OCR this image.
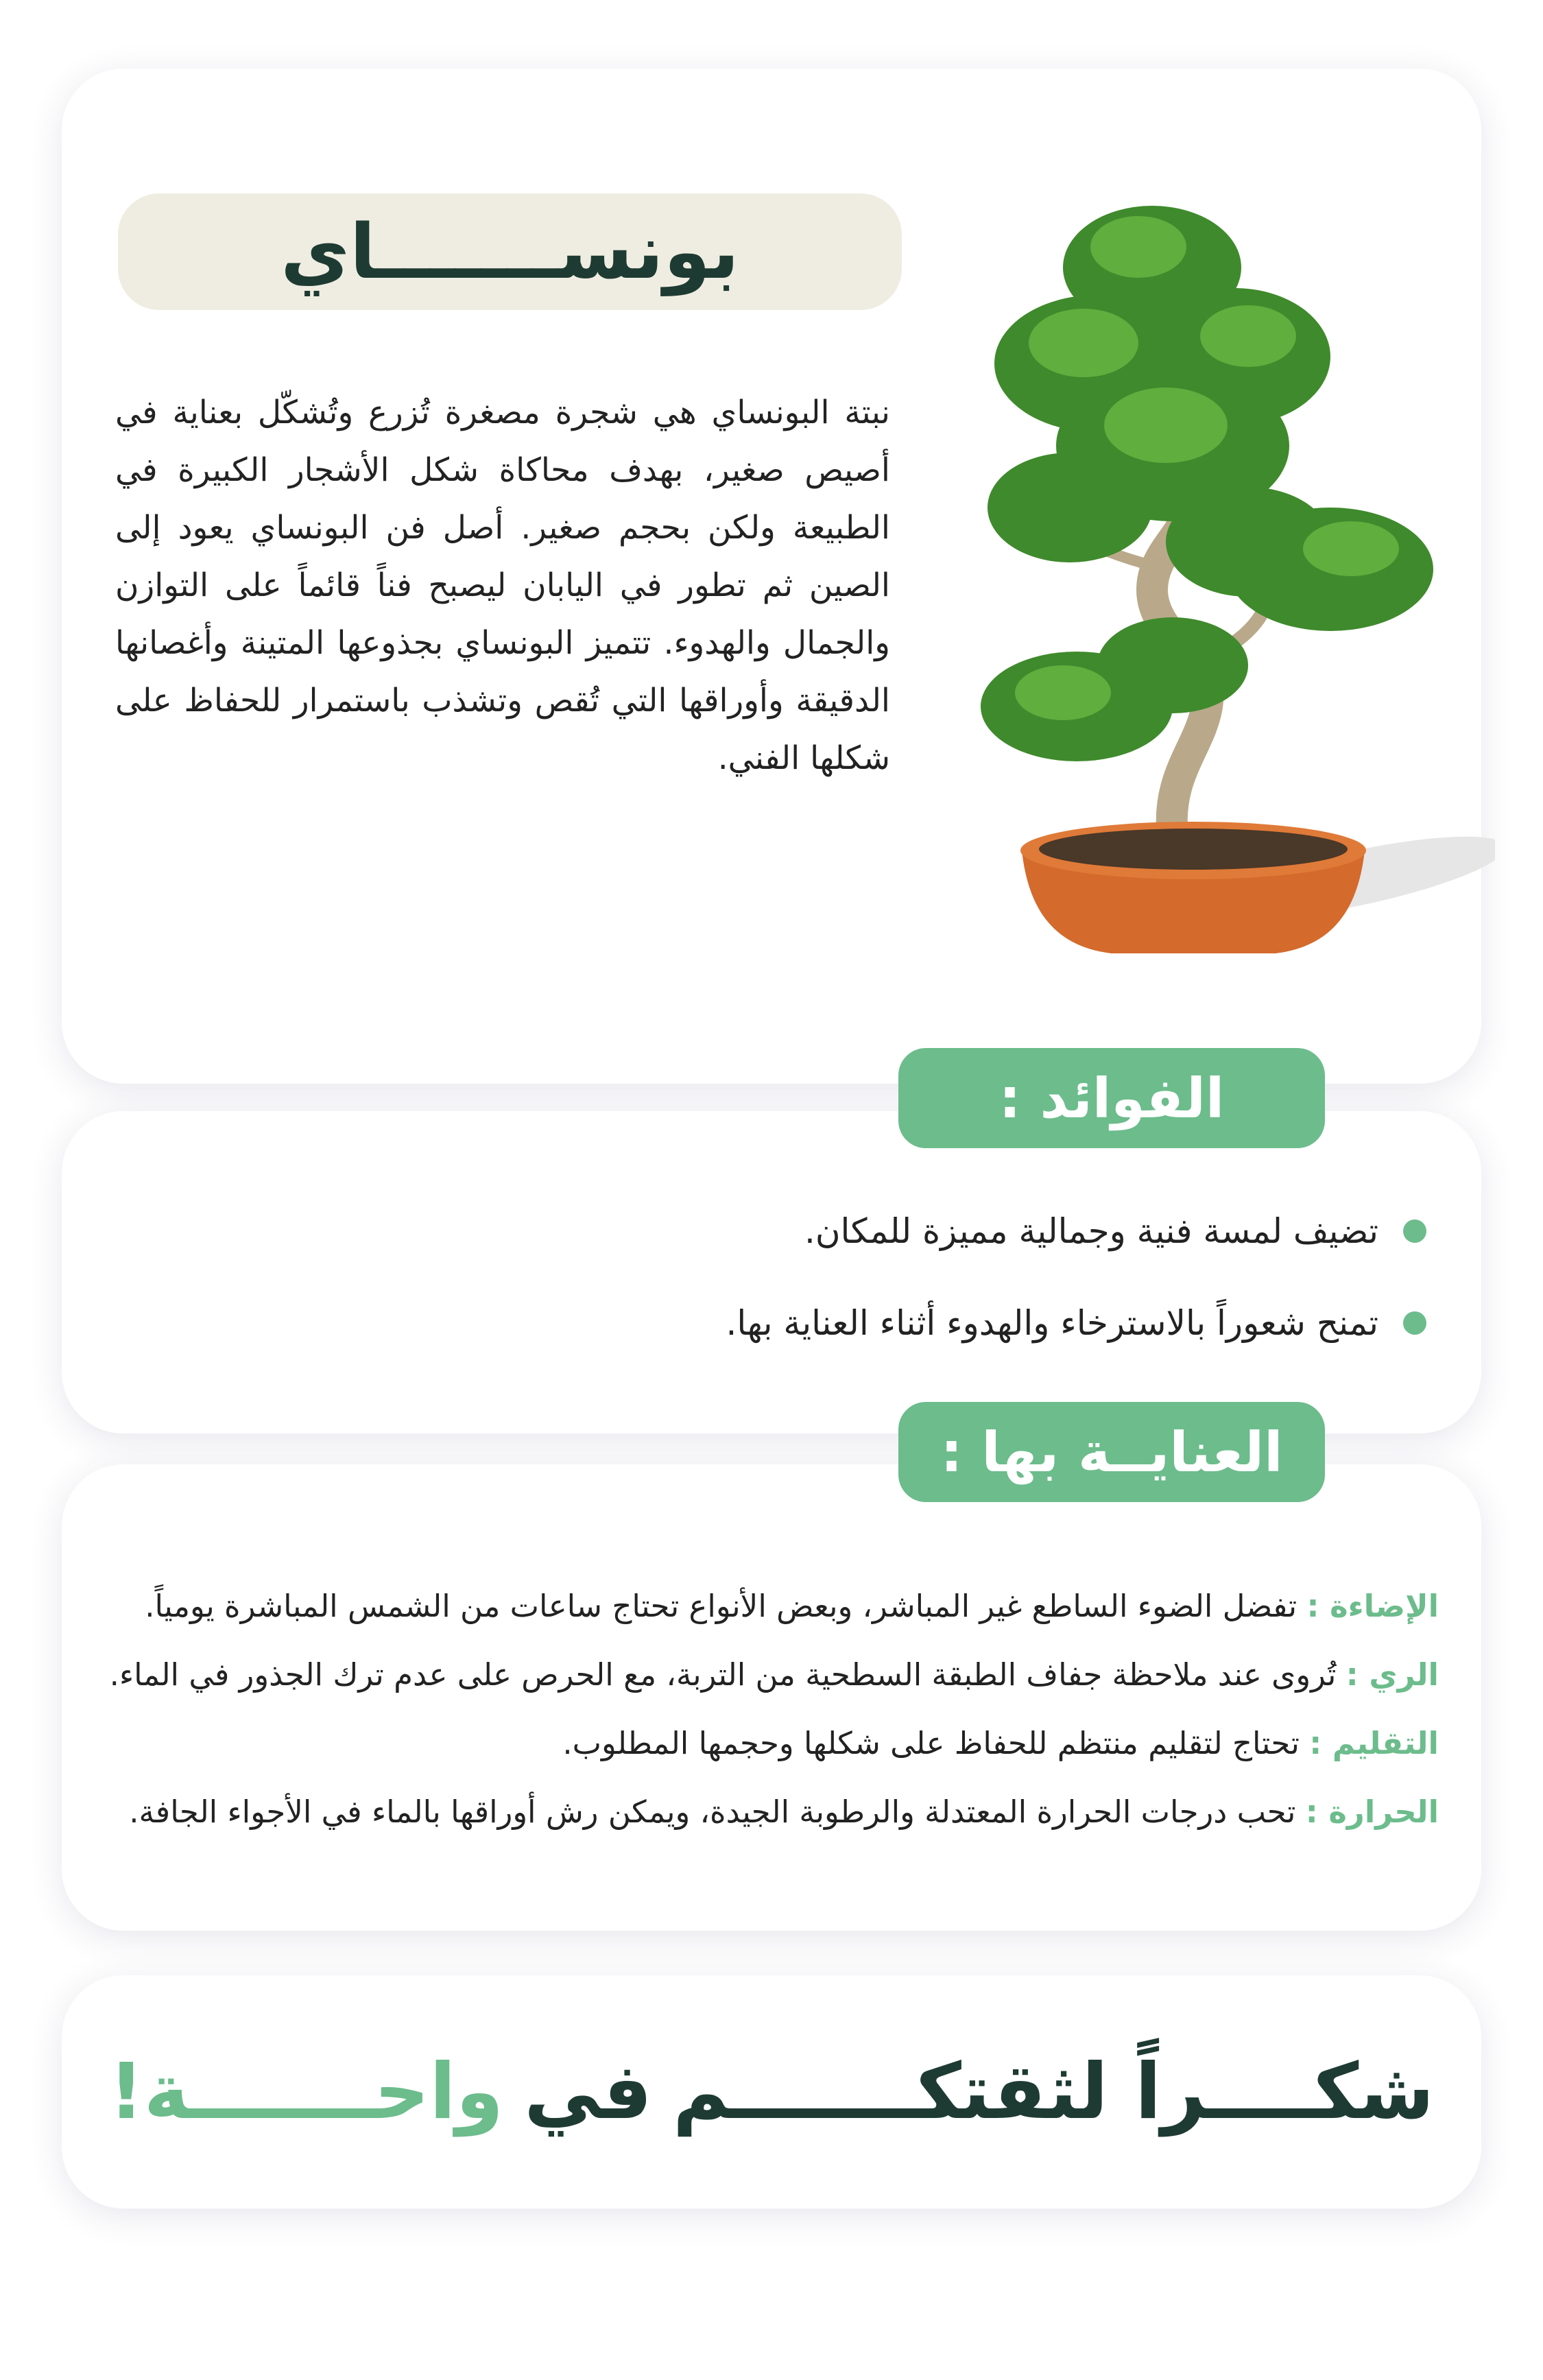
بونســـــــاي

نبتة البونساي هي شجرة مصغرة تُزرع وتُشكّل بعناية في أصيص صغير، بهدف محاكاة شكل الأشجار الكبيرة في الطبيعة ولكن بحجم صغير. أصل فن البونساي يعود إلى الصين ثم تطور في اليابان ليصبح فناً قائماً على التوازن والجمال والهدوء. تتميز البونساي بجذوعها المتينة وأغصانها الدقيقة وأوراقها التي تُقص وتشذب باستمرار للحفاظ على شكلها الفني.

الفوائد :
تضيف لمسة فنية وجمالية مميزة للمكان.
تمنح شعوراً بالاسترخاء والهدوء أثناء العناية بها.
العنايــة بها :
الإضاءة : تفضل الضوء الساطع غير المباشر، وبعض الأنواع تحتاج ساعات من الشمس المباشرة يومياً.
الري : تُروى عند ملاحظة جفاف الطبقة السطحية من التربة، مع الحرص على عدم ترك الجذور في الماء.
التقليم : تحتاج لتقليم منتظم للحفاظ على شكلها وحجمها المطلوب.
الحرارة : تحب درجات الحرارة المعتدلة والرطوبة الجيدة، ويمكن رش أوراقها بالماء في الأجواء الجافة.
شكــــراً لثقتكـــــــم
في
واحـــــــة!
